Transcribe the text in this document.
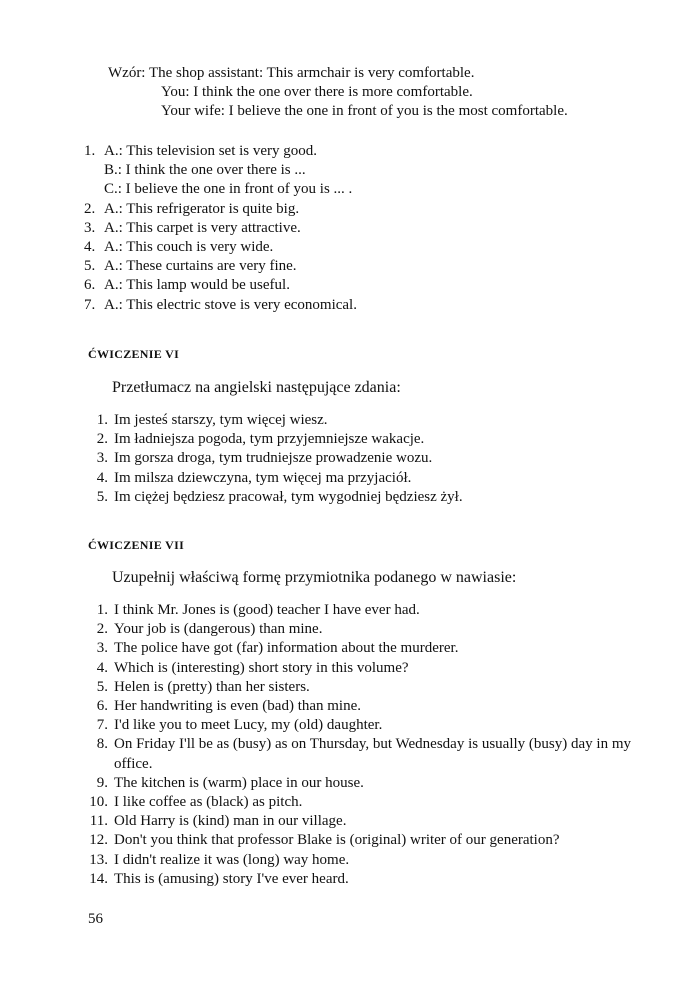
Wzór: The shop assistant: This armchair is very comfortable.
You: I think the one over there is more comfortable.
Your wife: I believe the one in front of you is the most comfortable.
1. A.: This television set is very good.
B.: I think the one over there is ...
C.: I believe the one in front of you is ... .
2. A.: This refrigerator is quite big.
3. A.: This carpet is very attractive.
4. A.: This couch is very wide.
5. A.: These curtains are very fine.
6. A.: This lamp would be useful.
7. A.: This electric stove is very economical.
ĆWICZENIE VI
Przetłumacz na angielski następujące zdania:
1. Im jesteś starszy, tym więcej wiesz.
2. Im ładniejsza pogoda, tym przyjemniejsze wakacje.
3. Im gorsza droga, tym trudniejsze prowadzenie wozu.
4. Im milsza dziewczyna, tym więcej ma przyjaciół.
5. Im ciężej będziesz pracował, tym wygodniej będziesz żył.
ĆWICZENIE VII
Uzupełnij właściwą formę przymiotnika podanego w nawiasie:
1. I think Mr. Jones is (good) teacher I have ever had.
2. Your job is (dangerous) than mine.
3. The police have got (far) information about the murderer.
4. Which is (interesting) short story in this volume?
5. Helen is (pretty) than her sisters.
6. Her handwriting is even (bad) than mine.
7. I'd like you to meet Lucy, my (old) daughter.
8. On Friday I'll be as (busy) as on Thursday, but Wednesday is usually (busy) day in my office.
9. The kitchen is (warm) place in our house.
10. I like coffee as (black) as pitch.
11. Old Harry is (kind) man in our village.
12. Don't you think that professor Blake is (original) writer of our generation?
13. I didn't realize it was (long) way home.
14. This is (amusing) story I've ever heard.
56
